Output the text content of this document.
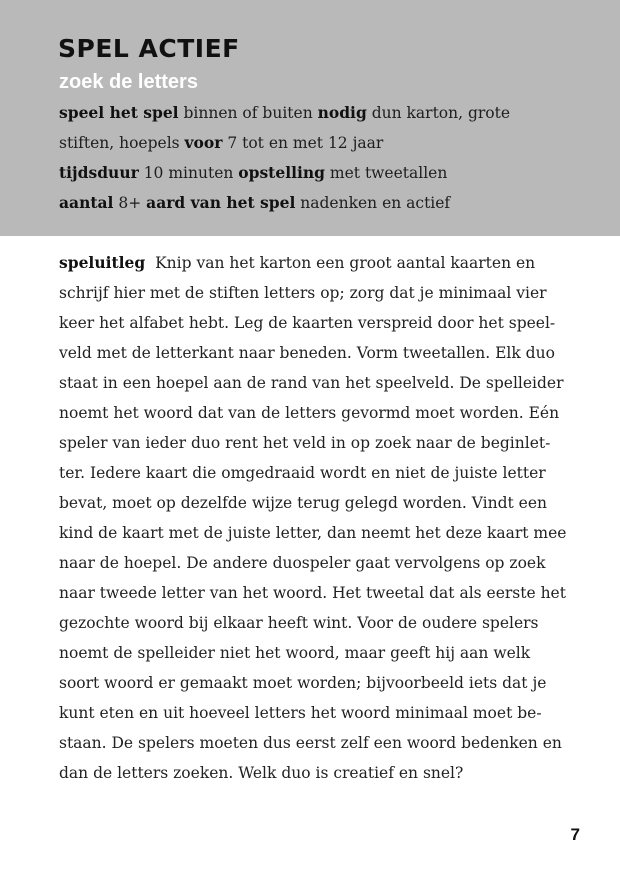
SPEL ACTIEF
zoek de letters
speel het spel binnen of buiten nodig dun karton, grote
stiften, hoepels voor 7 tot en met 12 jaar
tijdsduur 10 minuten opstelling met tweetallen
aantal 8+ aard van het spel nadenken en actief
speluitleg Knip van het karton een groot aantal kaarten en
schrijf hier met de stiften letters op; zorg dat je minimaal vier
keer het alfabet hebt. Leg de kaarten verspreid door het speel-
veld met de letterkant naar beneden. Vorm tweetallen. Elk duo
staat in een hoepel aan de rand van het speelveld. De spelleider
noemt het woord dat van de letters gevormd moet worden. Eén
speler van ieder duo rent het veld in op zoek naar de beginlet-
ter. Iedere kaart die omgedraaid wordt en niet de juiste letter
bevat, moet op dezelfde wijze terug gelegd worden. Vindt een
kind de kaart met de juiste letter, dan neemt het deze kaart mee
naar de hoepel. De andere duospeler gaat vervolgens op zoek
naar tweede letter van het woord. Het tweetal dat als eerste het
gezochte woord bij elkaar heeft wint. Voor de oudere spelers
noemt de spelleider niet het woord, maar geeft hij aan welk
soort woord er gemaakt moet worden; bijvoorbeeld iets dat je
kunt eten en uit hoeveel letters het woord minimaal moet be-
staan. De spelers moeten dus eerst zelf een woord bedenken en
dan de letters zoeken. Welk duo is creatief en snel?
7
